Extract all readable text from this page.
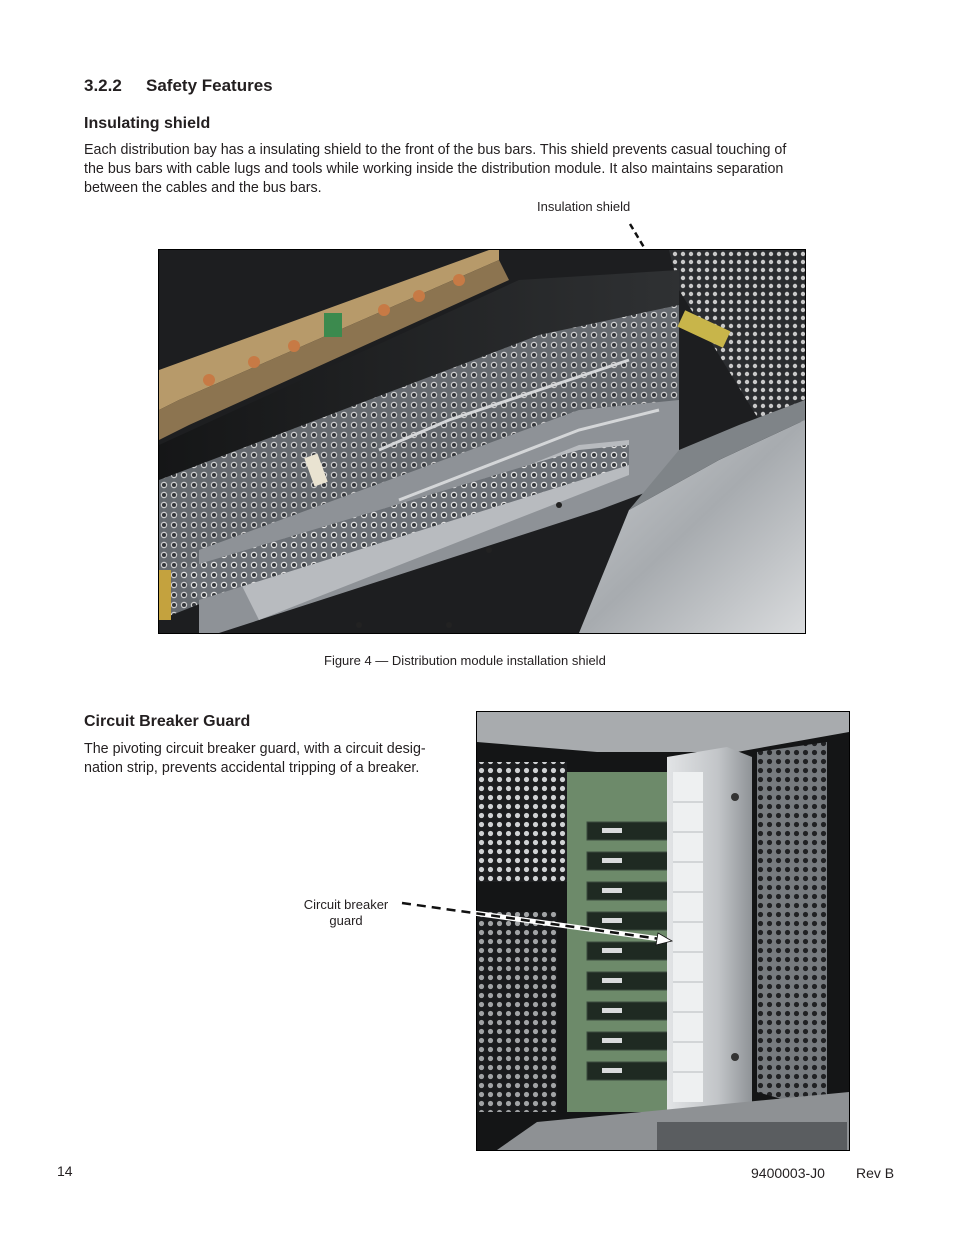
3.2.2 Safety Features
Insulating shield
Each distribution bay has a insulating shield to the front of the bus bars. This shield prevents casual touching of
the bus bars with cable lugs and tools while working inside the distribution module. It also maintains separation
between the cables and the bus bars.
Insulation shield
Figure 4 — Distribution module installation shield
Circuit Breaker Guard
The pivoting circuit breaker guard, with a circuit desig-
nation strip, prevents accidental tripping of a breaker.
Circuit breaker
guard
14	9400003-J0 Rev B
